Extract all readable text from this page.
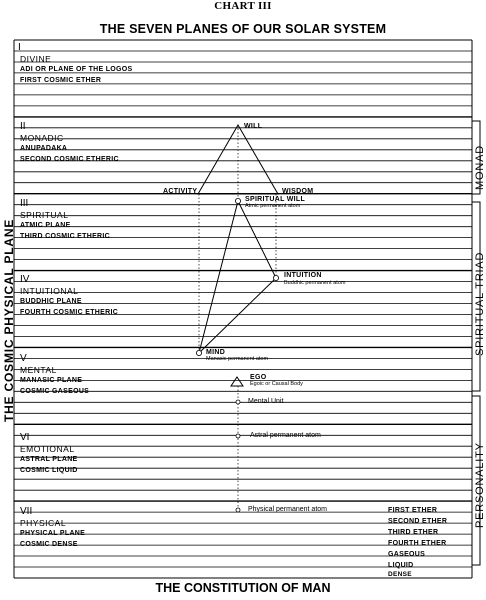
CHART III
THE SEVEN PLANES OF OUR SOLAR SYSTEM
THE CONSTITUTION OF MAN
THE COSMIC PHYSICAL PLANE
MONAD
SPIRITUAL TRIAD
PERSONALITY
I
DIVINE
ADI OR PLANE OF THE LOGOS
FIRST COSMIC ETHER
II
MONADIC
ANUPADAKA
SECOND COSMIC ETHERIC
III
SPIRITUAL
ATMIC PLANE
THIRD COSMIC ETHERIC
IV
INTUITIONAL
BUDDHIC PLANE
FOURTH COSMIC ETHERIC
V
MENTAL
MANASIC PLANE
COSMIC GASEOUS
VI
EMOTIONAL
ASTRAL PLANE
COSMIC LIQUID
VII
PHYSICAL
PHYSICAL PLANE
COSMIC DENSE
WILL
ACTIVITY	WISDOM
SPIRITUAL WILL
Atmic permanent atom
INTUITION
Buddhic permanent atom
MIND
Manasic permanent atom
EGO
Egoic or Causal Body
Mental Unit
Astral permanent atom
Physical permanent atom	FIRST ETHER
SECOND ETHER
THIRD ETHER
FOURTH ETHER
GASEOUS
LIQUID
DENSE
